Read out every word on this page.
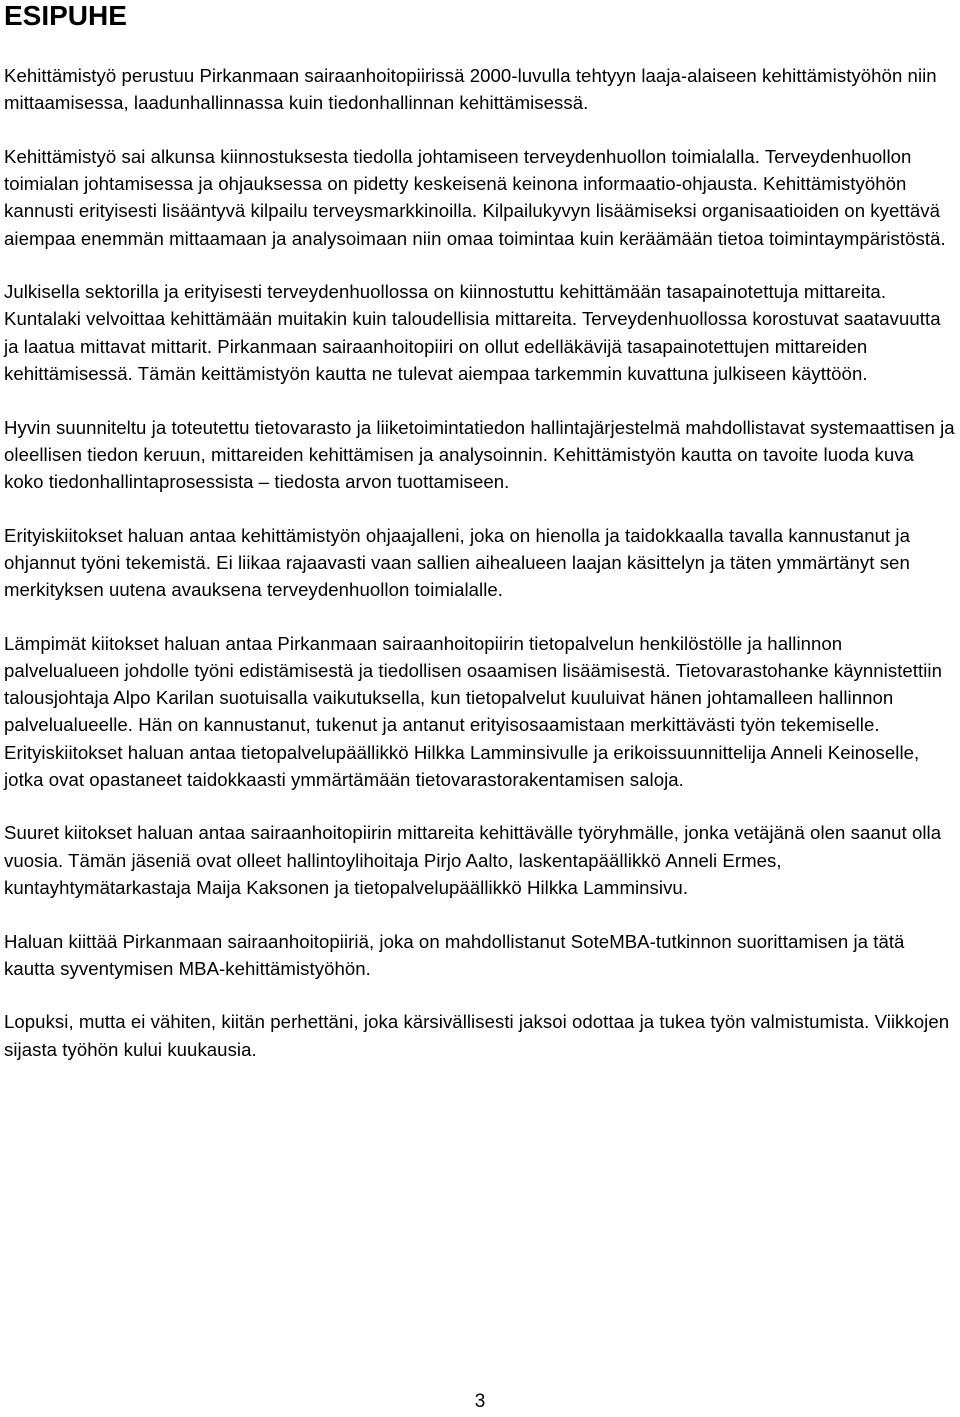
ESIPUHE

Kehittämistyö perustuu Pirkanmaan sairaanhoitopiirissä 2000-luvulla tehtyyn laaja-alaiseen kehittämistyöhön niin mittaamisessa, laadunhallinnassa kuin tiedonhallinnan kehittämisessä.

Kehittämistyö sai alkunsa kiinnostuksesta tiedolla johtamiseen terveydenhuollon toimialalla. Terveydenhuollon toimialan johtamisessa ja ohjauksessa on pidetty keskeisenä keinona informaatio-ohjausta. Kehittämistyöhön kannusti erityisesti lisääntyvä kilpailu terveysmarkkinoilla. Kilpailukyvyn lisäämiseksi organisaatioiden on kyettävä aiempaa enemmän mittaamaan ja analysoimaan niin omaa toimintaa kuin keräämään tietoa toimintaympäristöstä.

Julkisella sektorilla ja erityisesti terveydenhuollossa on kiinnostuttu kehittämään tasapainotettuja mittareita. Kuntalaki velvoittaa kehittämään muitakin kuin taloudellisia mittareita. Terveydenhuollossa korostuvat saatavuutta ja laatua mittavat mittarit. Pirkanmaan sairaanhoitopiiri on ollut edelläkävijä tasapainotettujen mittareiden kehittämisessä. Tämän keittämistyön kautta ne tulevat aiempaa tarkemmin kuvattuna julkiseen käyttöön.

Hyvin suunniteltu ja toteutettu tietovarasto ja liiketoimintatiedon hallintajärjestelmä mahdollistavat systemaattisen ja oleellisen tiedon keruun, mittareiden kehittämisen ja analysoinnin. Kehittämistyön kautta on tavoite luoda kuva koko tiedonhallintaprosessista – tiedosta arvon tuottamiseen.

Erityiskiitokset haluan antaa kehittämistyön ohjaajalleni, joka on hienolla ja taidokkaalla tavalla kannustanut ja ohjannut työni tekemistä. Ei liikaa rajaavasti vaan sallien aihealueen laajan käsittelyn ja täten ymmärtänyt sen merkityksen uutena avauksena terveydenhuollon toimialalle.

Lämpimät kiitokset haluan antaa Pirkanmaan sairaanhoitopiirin tietopalvelun henkilöstölle ja hallinnon palvelualueen johdolle työni edistämisestä ja tiedollisen osaamisen lisäämisestä. Tietovarastohanke käynnistettiin talousjohtaja Alpo Karilan suotuisalla vaikutuksella, kun tietopalvelut kuuluivat hänen johtamalleen hallinnon palvelualueelle. Hän on kannustanut, tukenut ja antanut erityisosaamistaan merkittävästi työn tekemiselle. Erityiskiitokset haluan antaa tietopalvelupäällikkö Hilkka Lamminsivulle ja erikoissuunnittelija Anneli Keinoselle, jotka ovat opastaneet taidokkaasti ymmärtämään tietovarastorakentamisen saloja.

Suuret kiitokset haluan antaa sairaanhoitopiirin mittareita kehittävälle työryhmälle, jonka vetäjänä olen saanut olla vuosia. Tämän jäseniä ovat olleet hallintoylihoitaja Pirjo Aalto, laskentapäällikkö Anneli Ermes, kuntayhtymätarkastaja Maija Kaksonen ja tietopalvelupäällikkö Hilkka Lamminsivu.

Haluan kiittää Pirkanmaan sairaanhoitopiiriä, joka on mahdollistanut SoteMBA-tutkinnon suorittamisen ja tätä kautta syventymisen MBA-kehittämistyöhön.

Lopuksi, mutta ei vähiten, kiitän perhettäni, joka kärsivällisesti jaksoi odottaa ja tukea työn valmistumista. Viikkojen sijasta työhön kului kuukausia.

3
